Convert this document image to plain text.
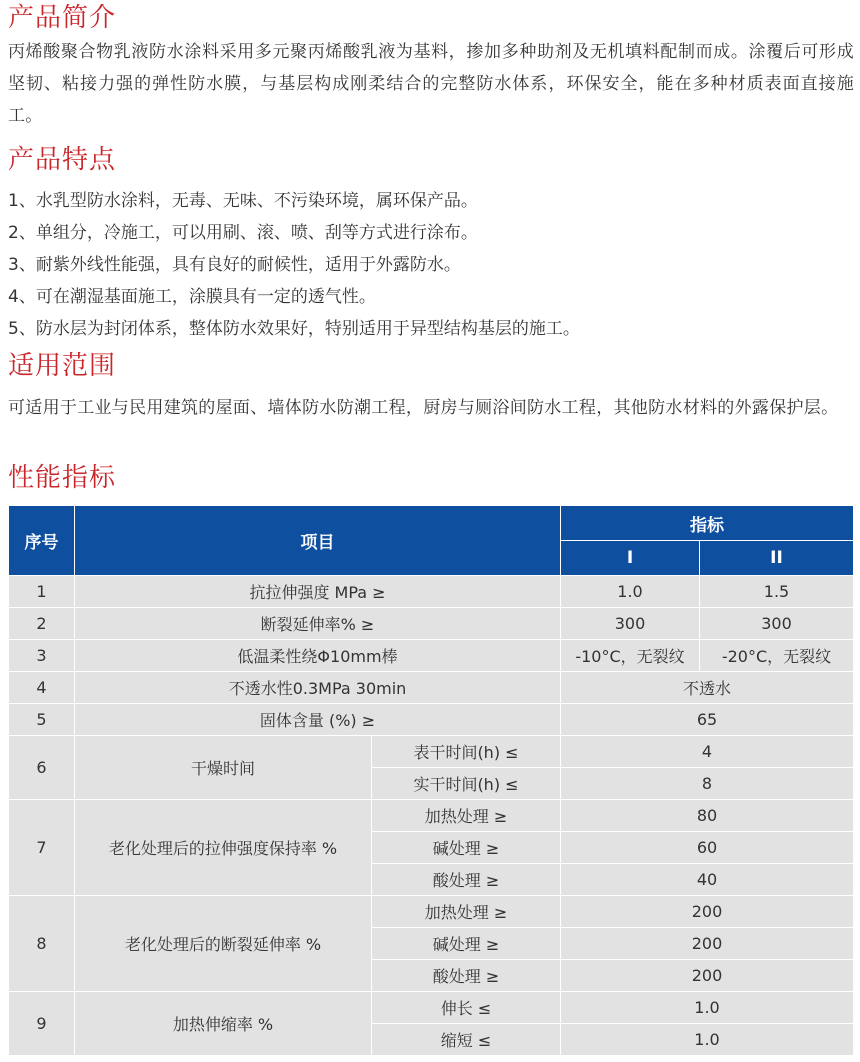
产品简介

丙烯酸聚合物乳液防水涂料采用多元聚丙烯酸乳液为基料，掺加多种助剂及无机填料配制而成。涂覆后可形成坚韧、粘接力强的弹性防水膜，与基层构成刚柔结合的完整防水体系，环保安全，能在多种材质表面直接施工。

产品特点
1、水乳型防水涂料，无毒、无味、不污染环境，属环保产品。
2、单组分，冷施工，可以用刷、滚、喷、刮等方式进行涂布。
3、耐紫外线性能强，具有良好的耐候性，适用于外露防水。
4、可在潮湿基面施工，涂膜具有一定的透气性。
5、防水层为封闭体系，整体防水效果好，特别适用于异型结构基层的施工。
适用范围

可适用于工业与民用建筑的屋面、墙体防水防潮工程，厨房与厕浴间防水工程，其他防水材料的外露保护层。

性能指标
序号	项目		指标	
			I	II
1	抗拉伸强度 MPa ≥		1.0	1.5
2	断裂延伸率% ≥		300	300
3	低温柔性绕Φ10mm棒		-10°C，无裂纹	-20°C，无裂纹
4	不透水性0.3MPa 30min		不透水	
5	固体含量 (%) ≥		65	
6	干燥时间	表干时间(h) ≤	4	
		实干时间(h) ≤	8	
7	老化处理后的拉伸强度保持率 %	加热处理 ≥	80	
		碱处理 ≥	60	
		酸处理 ≥	40	
8	老化处理后的断裂延伸率 %	加热处理 ≥	200	
		碱处理 ≥	200	
		酸处理 ≥	200	
9	加热伸缩率 %	伸长 ≤	1.0	
		缩短 ≤	1.0	
